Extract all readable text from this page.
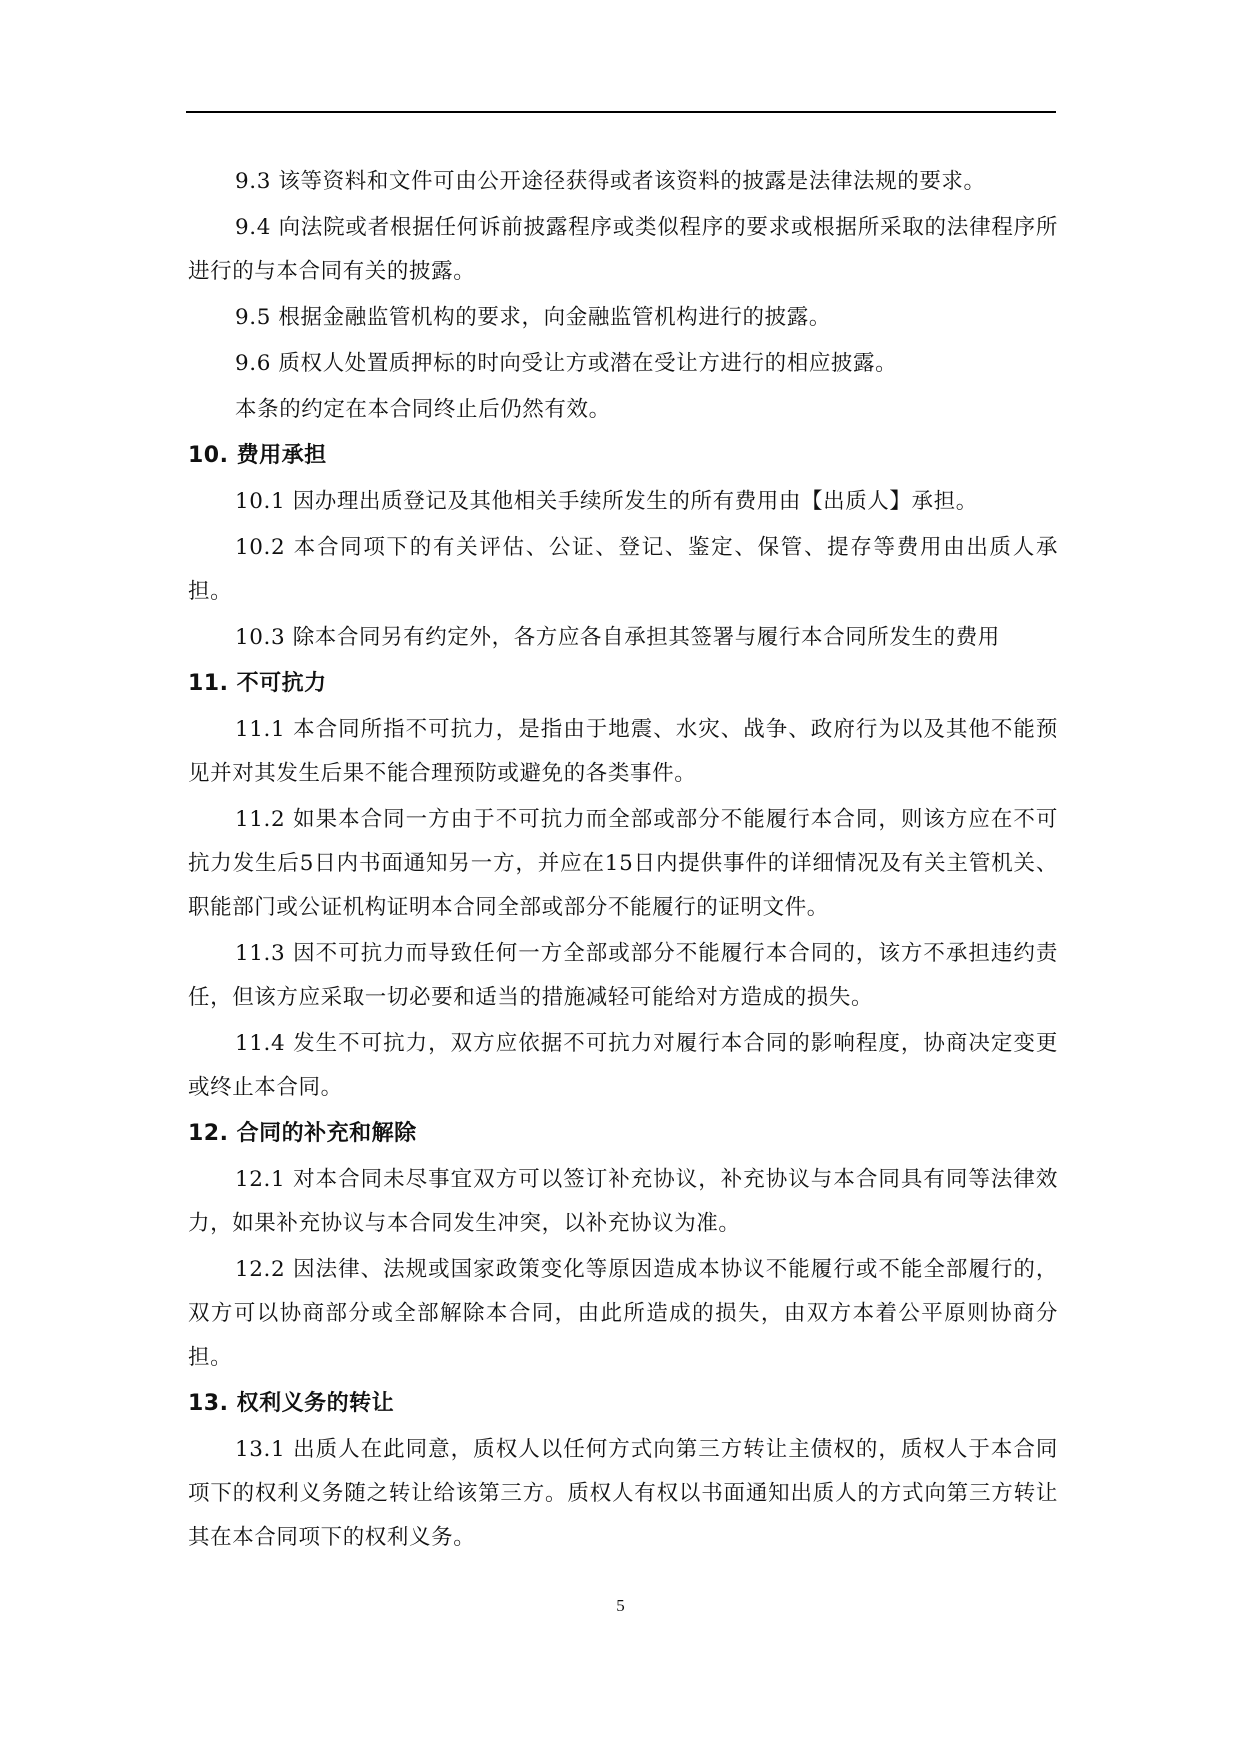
9.3 该等资料和文件可由公开途径获得或者该资料的披露是法律法规的要求。

9.4 向法院或者根据任何诉前披露程序或类似程序的要求或根据所采取的法律程序所进行的与本合同有关的披露。

9.5 根据金融监管机构的要求，向金融监管机构进行的披露。

9.6 质权人处置质押标的时向受让方或潜在受让方进行的相应披露。

本条的约定在本合同终止后仍然有效。

10. 费用承担

10.1 因办理出质登记及其他相关手续所发生的所有费用由【出质人】承担。

10.2 本合同项下的有关评估、公证、登记、鉴定、保管、提存等费用由出质人承担。

10.3 除本合同另有约定外，各方应各自承担其签署与履行本合同所发生的费用

11. 不可抗力

11.1 本合同所指不可抗力，是指由于地震、水灾、战争、政府行为以及其他不能预见并对其发生后果不能合理预防或避免的各类事件。

11.2 如果本合同一方由于不可抗力而全部或部分不能履行本合同，则该方应在不可抗力发生后5日内书面通知另一方，并应在15日内提供事件的详细情况及有关主管机关、职能部门或公证机构证明本合同全部或部分不能履行的证明文件。

11.3 因不可抗力而导致任何一方全部或部分不能履行本合同的，该方不承担违约责任，但该方应采取一切必要和适当的措施减轻可能给对方造成的损失。

11.4 发生不可抗力，双方应依据不可抗力对履行本合同的影响程度，协商决定变更或终止本合同。

12. 合同的补充和解除

12.1 对本合同未尽事宜双方可以签订补充协议，补充协议与本合同具有同等法律效力，如果补充协议与本合同发生冲突，以补充协议为准。

12.2 因法律、法规或国家政策变化等原因造成本协议不能履行或不能全部履行的，双方可以协商部分或全部解除本合同，由此所造成的损失，由双方本着公平原则协商分担。

13. 权利义务的转让

13.1 出质人在此同意，质权人以任何方式向第三方转让主债权的，质权人于本合同项下的权利义务随之转让给该第三方。质权人有权以书面通知出质人的方式向第三方转让其在本合同项下的权利义务。

5
